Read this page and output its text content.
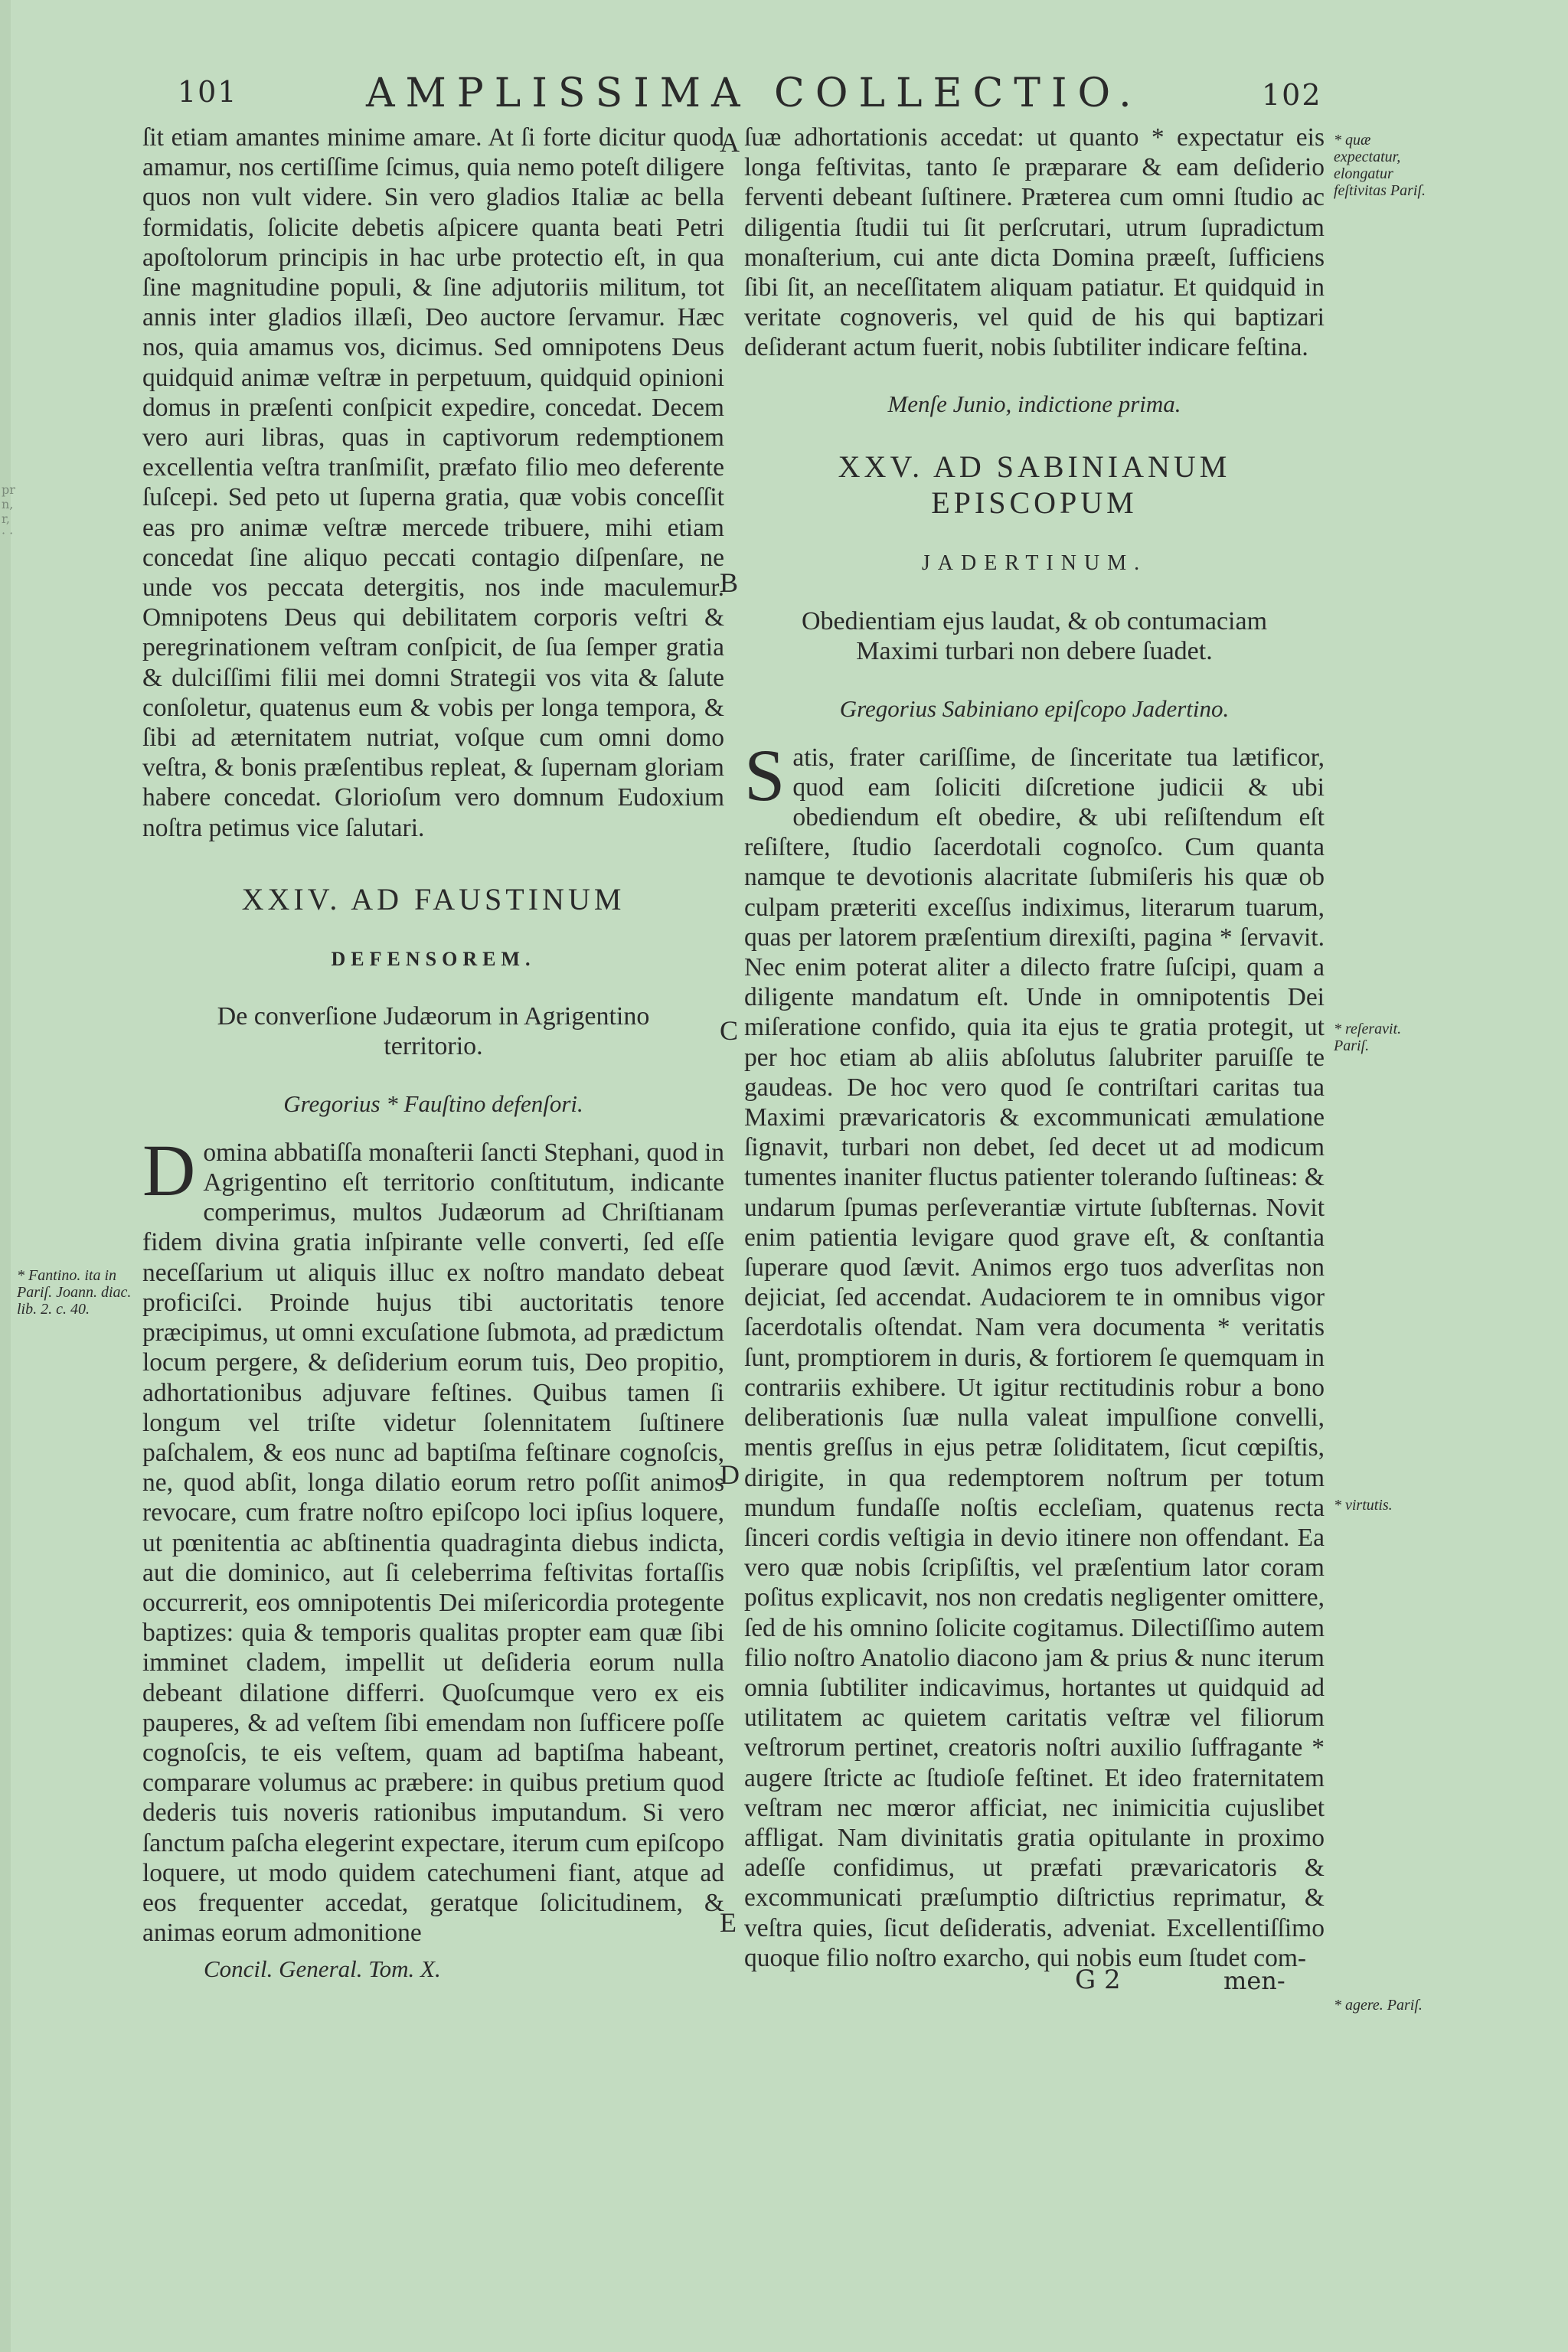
pr
n,
r,
· ·
101	AMPLISSIMA COLLECTIO.	102

ſit etiam amantes minime amare. At ſi forte dicitur quod amamur, nos certiſſime ſcimus, quia nemo poteſt diligere quos non vult videre. Sin vero gladios Italiæ ac bella formidatis, ſolicite debetis aſpicere quanta beati Petri apoſtolorum principis in hac urbe protectio eſt, in qua ſine magnitudine populi, & ſine adjutoriis militum, tot annis inter gladios illæſi, Deo auctore ſervamur. Hæc nos, quia amamus vos, dicimus. Sed omnipotens Deus quidquid animæ veſtræ in perpetuum, quidquid opinioni domus in præſenti conſpicit expedire, concedat. Decem vero auri libras, quas in captivorum redemptionem excellentia veſtra tranſmiſit, præfato filio meo deferente ſuſcepi. Sed peto ut ſuperna gratia, quæ vobis conceſſit eas pro animæ veſtræ mercede tribuere, mihi etiam concedat ſine aliquo peccati contagio diſpenſare, ne unde vos peccata detergitis, nos inde maculemur. Omnipotens Deus qui debilitatem corporis veſtri & peregrinationem veſtram conſpicit, de ſua ſemper gratia & dulciſſimi filii mei domni Strategii vos vita & ſalute conſoletur, quatenus eum & vobis per longa tempora, & ſibi ad æternitatem nutriat, voſque cum omni domo veſtra, & bonis præſentibus repleat, & ſupernam gloriam habere concedat. Glorioſum vero domnum Eudoxium noſtra petimus vice ſalutari.

XXIV. AD FAUSTINUM
DEFENSOREM.
De converſione Judæorum in Agrigentino territorio.
Gregorius * Fauſtino defenſori.

Domina abbatiſſa monaſterii ſancti Stephani, quod in Agrigentino eſt territorio conſtitutum, indicante comperimus, multos Judæorum ad Chriſtianam fidem divina gratia inſpirante velle converti, ſed eſſe neceſſarium ut aliquis illuc ex noſtro mandato debeat proficiſci. Proinde hujus tibi auctoritatis tenore præcipimus, ut omni excuſatione ſubmota, ad prædictum locum pergere, & deſiderium eorum tuis, Deo propitio, adhortationibus adjuvare feſtines. Quibus tamen ſi longum vel triſte videtur ſolennitatem ſuſtinere paſchalem, & eos nunc ad baptiſma feſtinare cognoſcis, ne, quod abſit, longa dilatio eorum retro poſſit animos revocare, cum fratre noſtro epiſcopo loci ipſius loquere, ut pœnitentia ac abſtinentia quadraginta diebus indicta, aut die dominico, aut ſi celeberrima feſtivitas fortaſſis occurrerit, eos omnipotentis Dei miſericordia protegente baptizes: quia & temporis qualitas propter eam quæ ſibi imminet cladem, impellit ut deſideria eorum nulla debeant dilatione differri. Quoſcumque vero ex eis pauperes, & ad veſtem ſibi emendam non ſufficere poſſe cognoſcis, te eis veſtem, quam ad baptiſma habeant, comparare volumus ac præbere: in quibus pretium quod dederis tuis noveris rationibus imputandum. Si vero ſanctum paſcha elegerint expectare, iterum cum epiſcopo loquere, ut modo quidem catechumeni fiant, atque ad eos frequenter accedat, geratque ſolicitudinem, & animas eorum admonitione

Concil. General. Tom. X.

ſuæ adhortationis accedat: ut quanto * expectatur eis longa feſtivitas, tanto ſe præparare & eam deſiderio ferventi debeant ſuſtinere. Præterea cum omni ſtudio ac diligentia ſtudii tui ſit perſcrutari, utrum ſupradictum monaſterium, cui ante dicta Domina præeſt, ſufficiens ſibi ſit, an neceſſitatem aliquam patiatur. Et quidquid in veritate cognoveris, vel quid de his qui baptizari deſiderant actum fuerit, nobis ſubtiliter indicare feſtina.

Menſe Junio, indictione prima.
XXV. AD SABINIANUM EPISCOPUM
JADERTINUM.
Obedientiam ejus laudat, & ob contumaciam Maximi turbari non debere ſuadet.
Gregorius Sabiniano epiſcopo Jadertino.

Satis, frater cariſſime, de ſinceritate tua lætificor, quod eam ſoliciti diſcretione judicii & ubi obediendum eſt obedire, & ubi reſiſtendum eſt reſiſtere, ſtudio ſacerdotali cognoſco. Cum quanta namque te devotionis alacritate ſubmiſeris his quæ ob culpam præteriti exceſſus indiximus, literarum tuarum, quas per latorem præſentium direxiſti, pagina * ſervavit. Nec enim poterat aliter a dilecto fratre ſuſcipi, quam a diligente mandatum eſt. Unde in omnipotentis Dei miſeratione confido, quia ita ejus te gratia protegit, ut per hoc etiam ab aliis abſolutus ſalubriter paruiſſe te gaudeas. De hoc vero quod ſe contriſtari caritas tua Maximi prævaricatoris & excommunicati æmulatione ſignavit, turbari non debet, ſed decet ut ad modicum tumentes inaniter fluctus patienter tolerando ſuſtineas: & undarum ſpumas perſeverantiæ virtute ſubſternas. Novit enim patientia levigare quod grave eſt, & conſtantia ſuperare quod ſævit. Animos ergo tuos adverſitas non dejiciat, ſed accendat. Audaciorem te in omnibus vigor ſacerdotalis oſtendat. Nam vera documenta * veritatis ſunt, promptiorem in duris, & fortiorem ſe quemquam in contrariis exhibere. Ut igitur rectitudinis robur a bono deliberationis ſuæ nulla valeat impulſione convelli, mentis greſſus in ejus petræ ſoliditatem, ſicut cœpiſtis, dirigite, in qua redemptorem noſtrum per totum mundum fundaſſe noſtis eccleſiam, quatenus recta ſinceri cordis veſtigia in devio itinere non offendant. Ea vero quæ nobis ſcripſiſtis, vel præſentium lator coram poſitus explicavit, nos non credatis negligenter omittere, ſed de his omnino ſolicite cogitamus. Dilectiſſimo autem filio noſtro Anatolio diacono jam & prius & nunc iterum omnia ſubtiliter indicavimus, hortantes ut quidquid ad utilitatem ac quietem caritatis veſtræ vel filiorum veſtrorum pertinet, creatoris noſtri auxilio ſuffragante * augere ſtricte ac ſtudioſe feſtinet. Et ideo fraternitatem veſtram nec mœror afficiat, nec inimicitia cujuslibet affligat. Nam divinitatis gratia opitulante in proximo adeſſe confidimus, ut præfati prævaricatoris & excommunicati præſumptio diſtrictius reprimatur, & veſtra quies, ſicut deſideratis, adveniat. Excellentiſſimo quoque filio noſtro exarcho, qui nobis eum ſtudet com-

A
B
C
D
E
* quæ expectatur, elongatur feſtivitas Pariſ.
* reſeravit. Pariſ.
* virtutis.
* agere. Pariſ.
* Fantino. ita in Pariſ. Joann. diac. lib. 2. c. 40.
G 2	men-
